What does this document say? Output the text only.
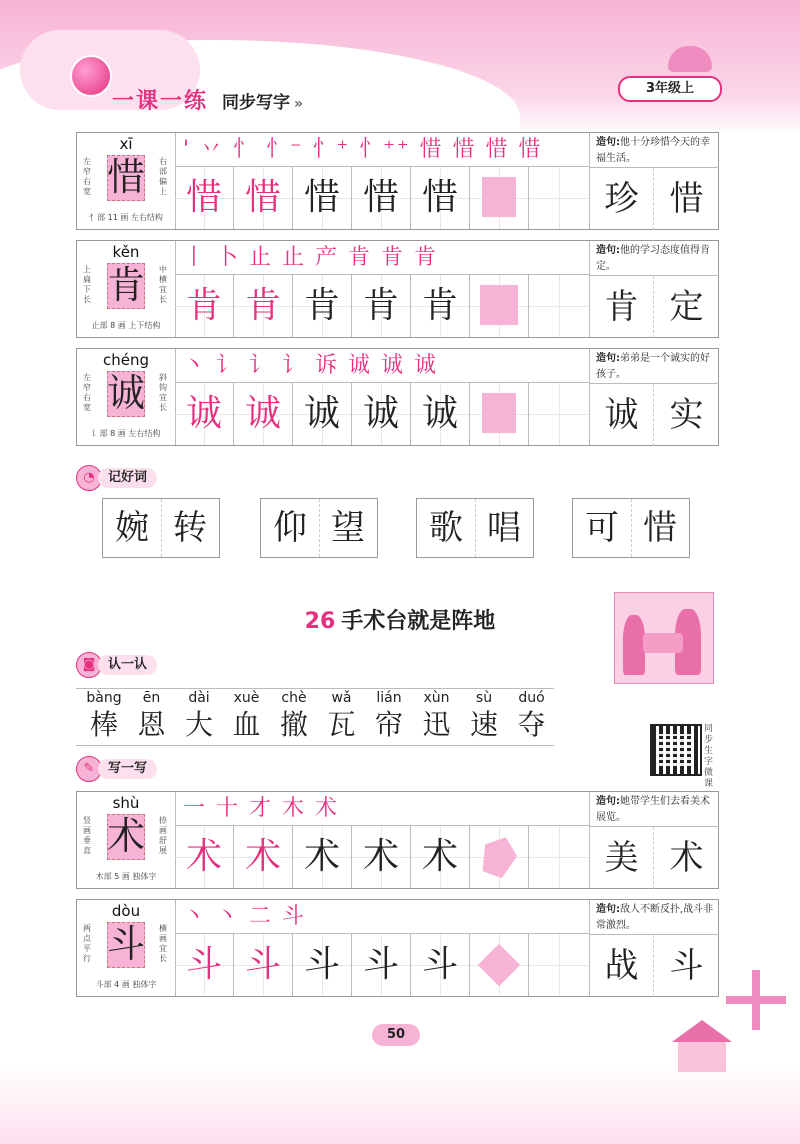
一课一练 同步写字 »
3年级上
xī
惜
左窄右宽
右部偏上
忄部 11 画 左右结构
' 丷 忄 忄⁻ 忄⁺ 忄⁺⁺ 惜 惜 惜 惜
惜 惜 惜 惜 惜
造句:他十分珍惜今天的幸福生活。
珍 惜
kěn
肯
上扁下长
中横宜长
止部 8 画 上下结构
丨 卜 止 止 产 肯 肯 肯
肯 肯 肯 肯 肯
造句:他的学习态度值得肯定。
肯 定
chéng
诚
左窄右宽
斜钩宜长
讠部 8 画 左右结构
丶 讠 讠 讠 诉 诚 诚 诚
诚 诚 诚 诚 诚
造句:弟弟是一个诚实的好孩子。
诚 实
◔	记好词
婉 转	仰 望	歌 唱	可 惜
26 手术台就是阵地
◙ 认一认
bàng
棒
ēn
恩
dài
大
xuè
血
chè
撤
wǎ
瓦
lián
帘
xùn
迅
sù
速
duó
夺	同步生字微课
✎	写一写
shù
术
竖画垂直
捺画舒展
木部 5 画 独体字
一 十 才 木 术
术 术 术 术 术
造句:她带学生们去看美术展览。
美 术
dòu
斗
两点平行
横画宜长
斗部 4 画 独体字
丶 丶 二 斗
斗 斗 斗 斗 斗
造句:敌人不断反扑,战斗非常激烈。
战 斗
50
